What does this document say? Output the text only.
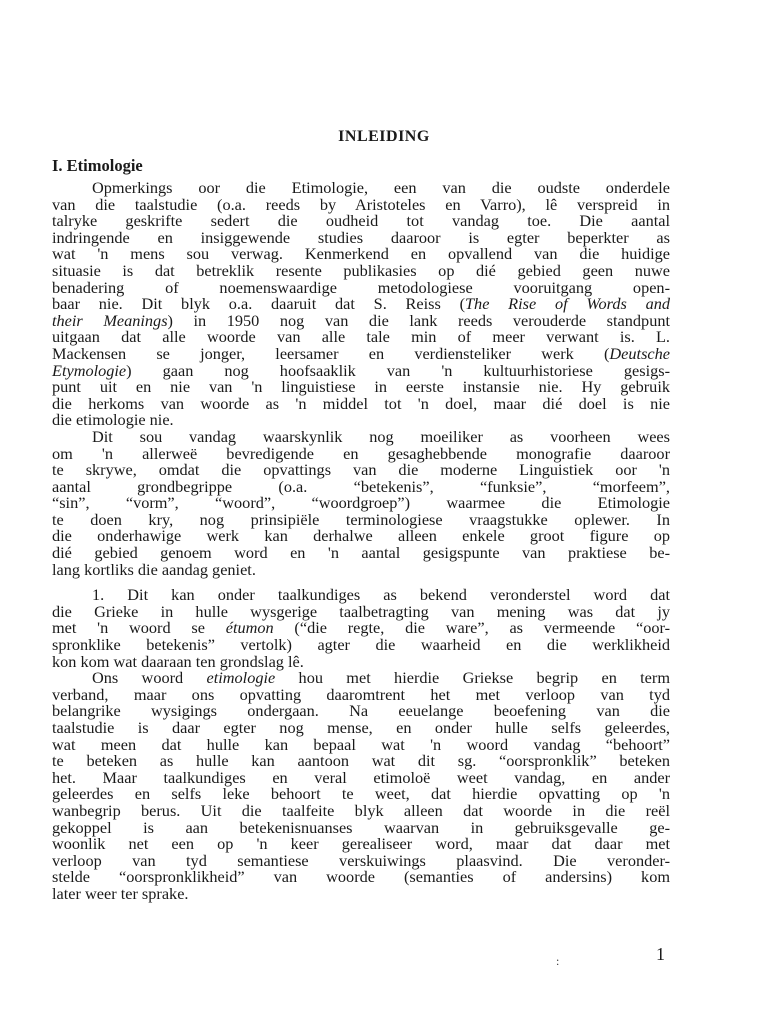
INLEIDING
I. Etimologie
Opmerkings oor die Etimologie, een van die oudste onderdele
van die taalstudie (o.a. reeds by Aristoteles en Varro), lê verspreid in
talryke geskrifte sedert die oudheid tot vandag toe. Die aantal
indringende en insiggewende studies daaroor is egter beperkter as
wat 'n mens sou verwag. Kenmerkend en opvallend van die huidige
situasie is dat betreklik resente publikasies op dié gebied geen nuwe
benadering of noemenswaardige metodologiese vooruitgang open-
baar nie. Dit blyk o.a. daaruit dat S. Reiss (The Rise of Words and
their Meanings) in 1950 nog van die lank reeds verouderde standpunt
uitgaan dat alle woorde van alle tale min of meer verwant is. L.
Mackensen se jonger, leersamer en verdiensteliker werk (Deutsche
Etymologie) gaan nog hoofsaaklik van 'n kultuurhistoriese gesigs-
punt uit en nie van 'n linguistiese in eerste instansie nie. Hy gebruik
die herkoms van woorde as 'n middel tot 'n doel, maar dié doel is nie
die etimologie nie.
Dit sou vandag waarskynlik nog moeiliker as voorheen wees
om 'n allerweë bevredigende en gesaghebbende monografie daaroor
te skrywe, omdat die opvattings van die moderne Linguistiek oor 'n
aantal grondbegrippe (o.a. “betekenis”, “funksie”, “morfeem”,
“sin”, “vorm”, “woord”, “woordgroep”) waarmee die Etimologie
te doen kry, nog prinsipiële terminologiese vraagstukke oplewer. In
die onderhawige werk kan derhalwe alleen enkele groot figure op
dié gebied genoem word en 'n aantal gesigspunte van praktiese be-
lang kortliks die aandag geniet.
1. Dit kan onder taalkundiges as bekend veronderstel word dat
die Grieke in hulle wysgerige taalbetragting van mening was dat jy
met 'n woord se étumon (“die regte, die ware”, as vermeende “oor-
spronklike betekenis” vertolk) agter die waarheid en die werklikheid
kon kom wat daaraan ten grondslag lê.
Ons woord etimologie hou met hierdie Griekse begrip en term
verband, maar ons opvatting daaromtrent het met verloop van tyd
belangrike wysigings ondergaan. Na eeuelange beoefening van die
taalstudie is daar egter nog mense, en onder hulle selfs geleerdes,
wat meen dat hulle kan bepaal wat 'n woord vandag “behoort”
te beteken as hulle kan aantoon wat dit sg. “oorspronklik” beteken
het. Maar taalkundiges en veral etimoloë weet vandag, en ander
geleerdes en selfs leke behoort te weet, dat hierdie opvatting op 'n
wanbegrip berus. Uit die taalfeite blyk alleen dat woorde in die reël
gekoppel is aan betekenisnuanses waarvan in gebruiksgevalle ge-
woonlik net een op 'n keer gerealiseer word, maar dat daar met
verloop van tyd semantiese verskuiwings plaasvind. Die veronder-
stelde “oorspronklikheid” van woorde (semanties of andersins) kom
later weer ter sprake.
:	1
